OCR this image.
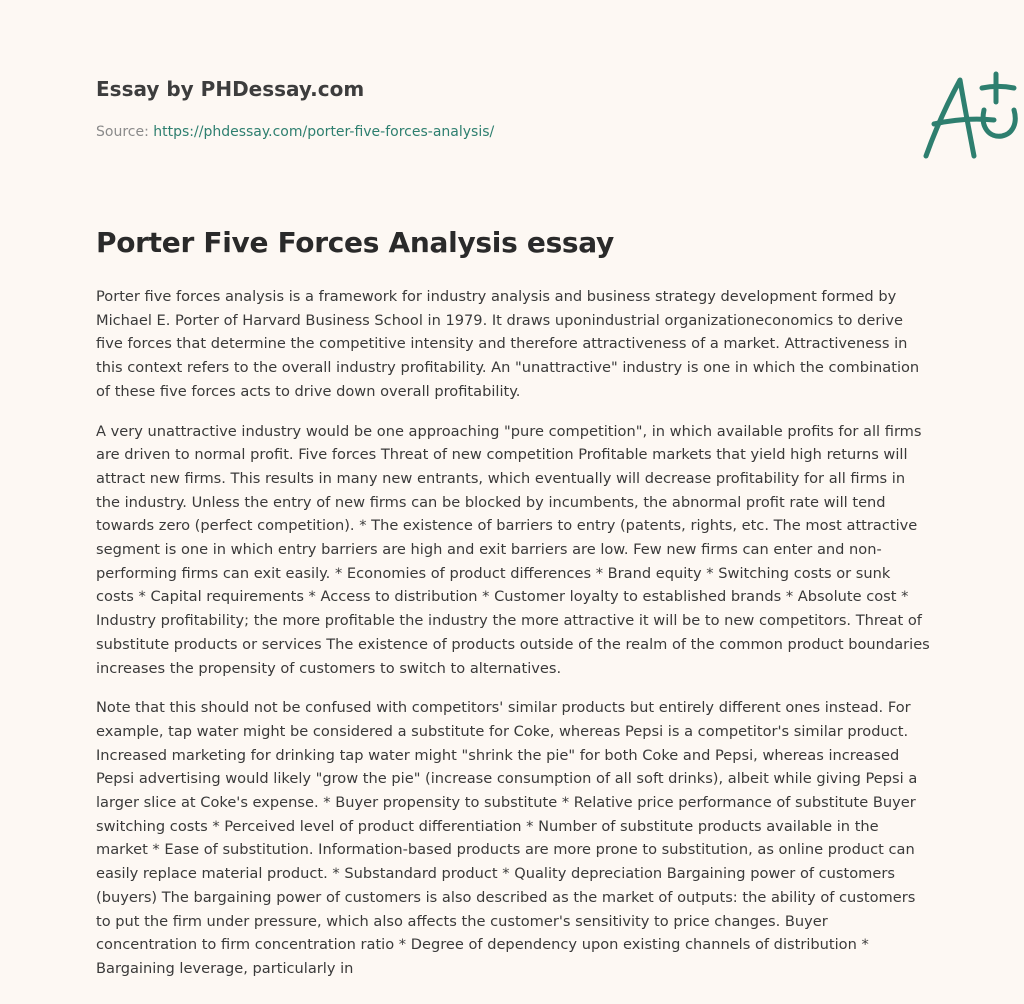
Essay by PHDessay.com
Source: https://phdessay.com/porter-five-forces-analysis/
Porter Five Forces Analysis essay

Porter five forces analysis is a framework for industry analysis and business strategy development formed by Michael E. Porter of Harvard Business School in 1979. It draws uponindustrial organizationeconomics to derive five forces that determine the competitive intensity and therefore attractiveness of a market. Attractiveness in this context refers to the overall industry profitability. An "unattractive" industry is one in which the combination of these five forces acts to drive down overall profitability.

A very unattractive industry would be one approaching "pure competition", in which available profits for all firms are driven to normal profit. Five forces Threat of new competition Profitable markets that yield high returns will attract new firms. This results in many new entrants, which eventually will decrease profitability for all firms in the industry. Unless the entry of new firms can be blocked by incumbents, the abnormal profit rate will tend towards zero (perfect competition). * The existence of barriers to entry (patents, rights, etc. The most attractive segment is one in which entry barriers are high and exit barriers are low. Few new firms can enter and non-performing firms can exit easily. * Economies of product differences * Brand equity * Switching costs or sunk costs * Capital requirements * Access to distribution * Customer loyalty to established brands * Absolute cost * Industry profitability; the more profitable the industry the more attractive it will be to new competitors. Threat of substitute products or services The existence of products outside of the realm of the common product boundaries increases the propensity of customers to switch to alternatives.

Note that this should not be confused with competitors' similar products but entirely different ones instead. For example, tap water might be considered a substitute for Coke, whereas Pepsi is a competitor's similar product. Increased marketing for drinking tap water might "shrink the pie" for both Coke and Pepsi, whereas increased Pepsi advertising would likely "grow the pie" (increase consumption of all soft drinks), albeit while giving Pepsi a larger slice at Coke's expense. * Buyer propensity to substitute * Relative price performance of substitute Buyer switching costs * Perceived level of product differentiation * Number of substitute products available in the market * Ease of substitution. Information-based products are more prone to substitution, as online product can easily replace material product. * Substandard product * Quality depreciation Bargaining power of customers (buyers) The bargaining power of customers is also described as the market of outputs: the ability of customers to put the firm under pressure, which also affects the customer's sensitivity to price changes. Buyer concentration to firm concentration ratio * Degree of dependency upon existing channels of distribution * Bargaining leverage, particularly in
